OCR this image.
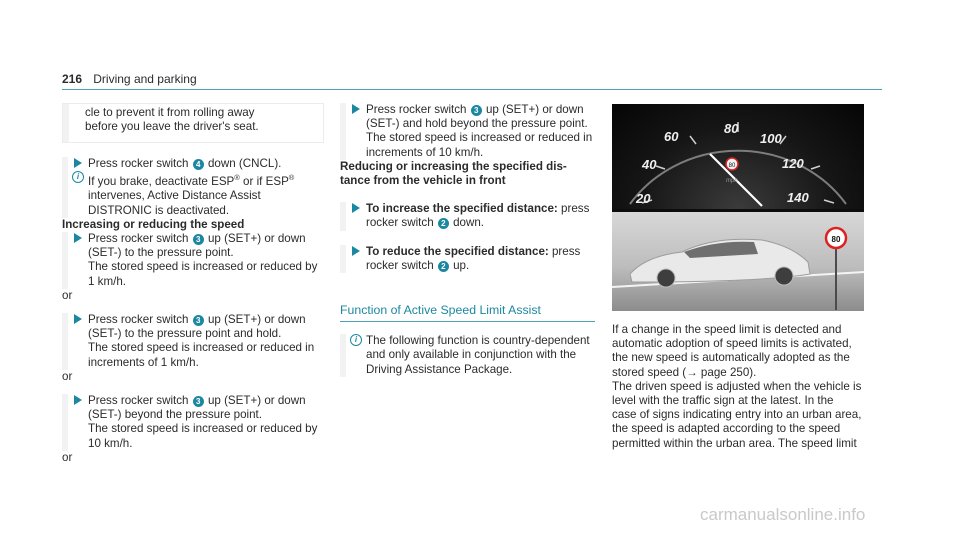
216 Driving and parking
cle to prevent it from rolling away
before you leave the driver's seat.
Press rocker switch 4 down (CNCL).
i If you brake, deactivate ESP® or if ESP®
intervenes, Active Distance Assist
DISTRONIC is deactivated.
Increasing or reducing the speed
Press rocker switch 3 up (SET+) or down
(SET-) to the pressure point.
The stored speed is increased or reduced by
1 km/h.
or
Press rocker switch 3 up (SET+) or down
(SET-) to the pressure point and hold.
The stored speed is increased or reduced in
increments of 1 km/h.
or
Press rocker switch 3 up (SET+) or down
(SET-) beyond the pressure point.
The stored speed is increased or reduced by
10 km/h.
or
Press rocker switch 3 up (SET+) or down
(SET-) and hold beyond the pressure point.
The stored speed is increased or reduced in
increments of 10 km/h.
Reducing or increasing the specified dis-
tance from the vehicle in front
To increase the specified distance: press
rocker switch 2 down.
To reduce the specified distance: press
rocker switch 2 up.
Function of Active Speed Limit Assist
i The following function is country-dependent
and only available in conjunction with the
Driving Assistance Package.
20
40
60
80
100
120
140
80
mph
80
If a change in the speed limit is detected and
automatic adoption of speed limits is activated,
the new speed is automatically adopted as the
stored speed (→ page 250).
The driven speed is adjusted when the vehicle is
level with the traffic sign at the latest. In the
case of signs indicating entry into an urban area,
the speed is adapted according to the speed
permitted within the urban area. The speed limit
carmanualsonline.info
